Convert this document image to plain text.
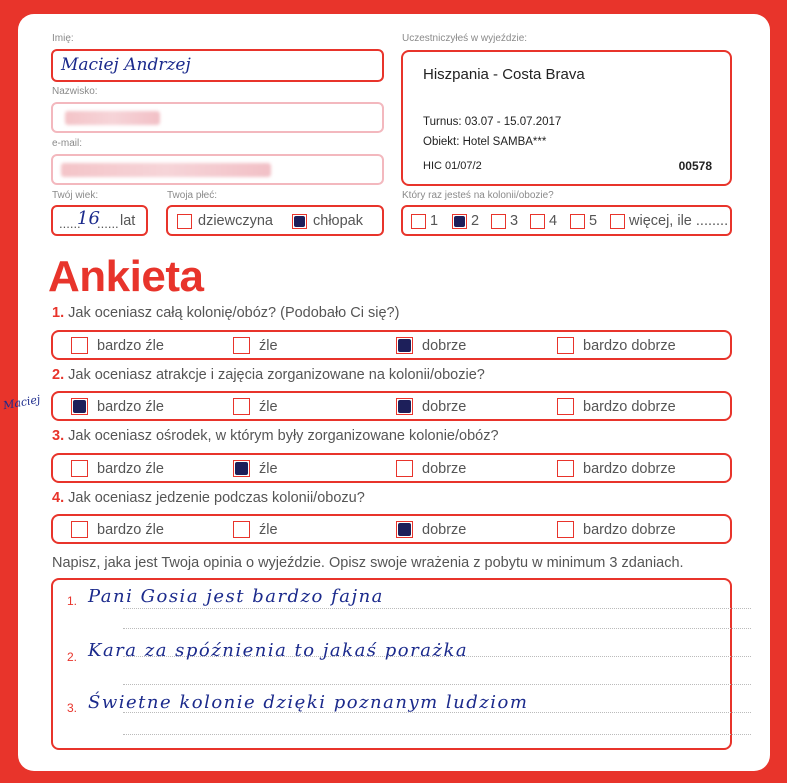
Imię:
Maciej Andrzej
Nazwisko:
e-mail:
Twój wiek:
......
16
...... lat
Twoja płeć:
dziewczyna	chłopak
Uczestniczyłeś w wyjeździe:
Hiszpania - Costa Brava
Turnus: 03.07 - 15.07.2017
Obiekt: Hotel SAMBA***
HIC 01/07/2	00578
Który raz jesteś na kolonii/obozie?
1 2 3 4 5 więcej, ile ........
Ankieta
1. Jak oceniasz całą kolonię/obóz? (Podobało Ci się?)
bardzo źle	źle	dobrze	bardzo dobrze
2. Jak oceniasz atrakcje i zajęcia zorganizowane na kolonii/obozie?
bardzo źle	źle	dobrze	bardzo dobrze
3. Jak oceniasz ośrodek, w którym były zorganizowane kolonie/obóz?
bardzo źle	źle	dobrze	bardzo dobrze
4. Jak oceniasz jedzenie podczas kolonii/obozu?
bardzo źle	źle	dobrze	bardzo dobrze
Napisz, jaka jest Twoja opinia o wyjeździe. Opisz swoje wrażenia z pobytu w minimum 3 zdaniach.
1. Pani Gosia jest bardzo fajna
2. Kara za spóźnienia to jakaś porażka
3. Świetne kolonie dzięki poznanym ludziom
Maciej
